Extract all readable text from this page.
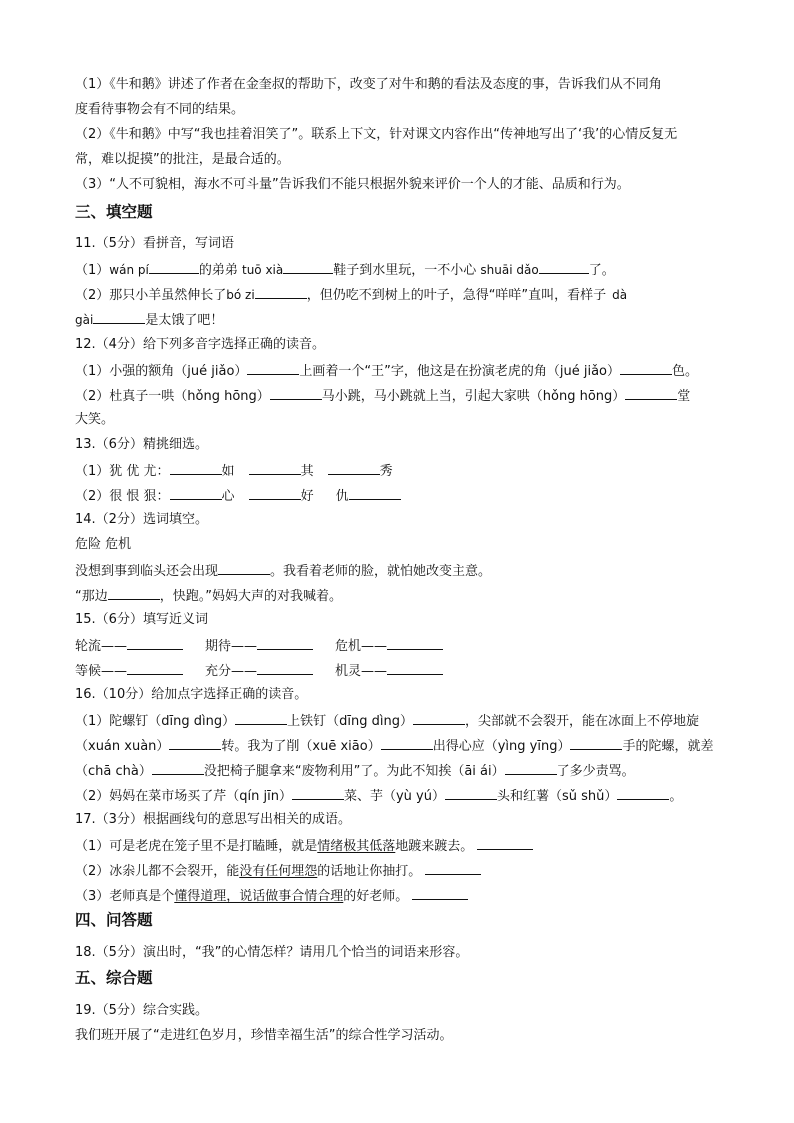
（1）《牛和鹅》讲述了作者在金奎叔的帮助下，改变了对牛和鹅的看法及态度的事，告诉我们从不同角
度看待事物会有不同的结果。
（2）《牛和鹅》中写“我也挂着泪笑了”。联系上下文，针对课文内容作出“传神地写出了‘我’的心情反复无
常，难以捉摸”的批注，是最合适的。
（3）“人不可貌相，海水不可斗量”告诉我们不能只根据外貌来评价一个人的才能、品质和行为。
三、填空题
11.（5分）看拼音，写词语
（1）wán pí	的弟弟 tuō xià	鞋子到水里玩，一不小心 shuāi dǎo	了。
（2）那只小羊虽然伸长了bó zi	，但仍吃不到树上的叶子，急得“咩咩”直叫，看样子 dà
gài	是太饿了吧！
12.（4分）给下列多音字选择正确的读音。
（1）小强的额角（jué jiǎo）	上画着一个“王”字，他这是在扮演老虎的角（jué jiǎo）	色。
（2）杜真子一哄（hǒng hōng）	马小跳，马小跳就上当，引起大家哄（hǒng hōng）	堂
大笑。
13.（6分）精挑细选。
（1）犹 优 尤：	如	其	秀
（2）很 恨 狠：	心	好 仇
14.（2分）选词填空。
危险 危机
没想到事到临头还会出现	。我看着老师的脸，就怕她改变主意。
“那边	，快跑。”妈妈大声的对我喊着。
15.（6分）填写近义词
轮流——	期待——	危机——
等候——	充分——	机灵——
16.（10分）给加点字选择正确的读音。
（1）陀螺钉（dīng dìng）	上铁钉（dīng dìng）	，尖部就不会裂开，能在冰面上不停地旋
（xuán xuàn）	转。我为了削（xuē xiāo）	出得心应（yìng yīng）	手的陀螺，就差
（chā chà）	没把椅子腿拿来“废物利用”了。为此不知挨（āi ái）	了多少责骂。
（2）妈妈在菜市场买了芹（qín jīn）	菜、芋（yù yú）	头和红薯（sǔ shǔ）	。
17.（3分）根据画线句的意思写出相关的成语。
（1）可是老虎在笼子里不是打瞌睡，就是情绪极其低落地踱来踱去。
（2）冰尜儿都不会裂开，能没有任何埋怨的话地让你抽打。
（3）老师真是个懂得道理，说话做事合情合理的好老师。
四、问答题
18.（5分）演出时，“我”的心情怎样？请用几个恰当的词语来形容。
五、综合题
19.（5分）综合实践。
我们班开展了“走进红色岁月，珍惜幸福生活”的综合性学习活动。
